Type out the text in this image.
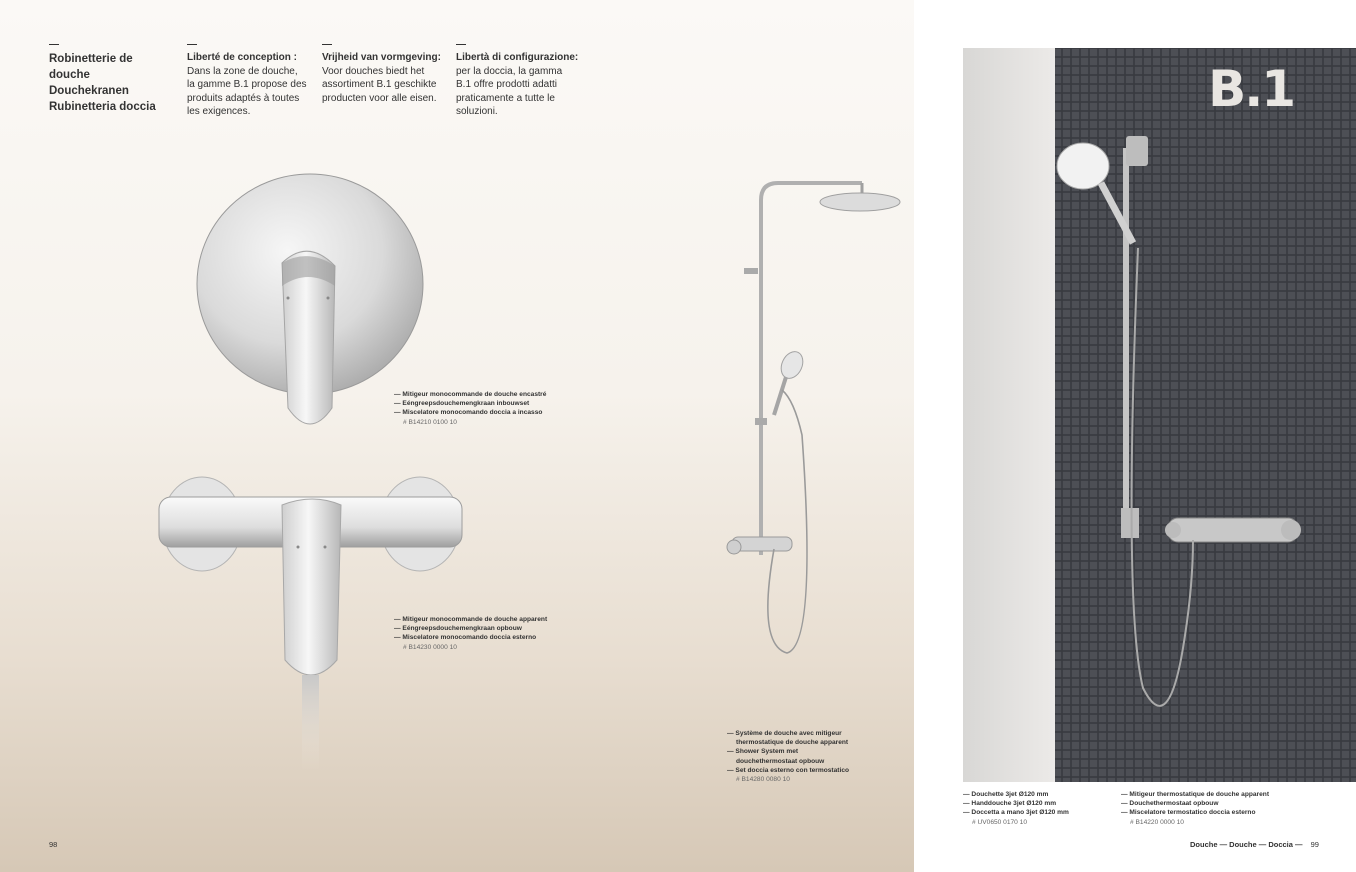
Robinetterie de
douche
Douchekranen
Rubinetteria doccia
Liberté de conception :
Dans la zone de douche,
la gamme B.1 propose des
produits adaptés à toutes
les exigences.
Vrijheid van vormgeving:
Voor douches biedt het
assortiment B.1 geschikte
producten voor alle eisen.
Libertà di configurazione:
per la doccia, la gamma
B.1 offre prodotti adatti
praticamente a tutte le
soluzioni.
— Mitigeur monocommande de douche encastré
— Eéngreepsdouchemengkraan inbouwset
— Miscelatore monocomando doccia a incasso
# B14210 0100 10
— Mitigeur monocommande de douche apparent
— Eéngreepsdouchemengkraan opbouw
— Miscelatore monocomando doccia esterno
# B14230 0000 10
— Système de douche avec mitigeur
thermostatique de douche apparent
— Shower System met
douchethermostaat opbouw
— Set doccia esterno con termostatico
# B14280 0080 10
98
B.1
— Douchette 3jet Ø120 mm
— Handdouche 3jet Ø120 mm
— Doccetta a mano 3jet Ø120 mm
# UV0650 0170 10
— Mitigeur thermostatique de douche apparent
— Douchethermostaat opbouw
— Miscelatore termostatico doccia esterno
# B14220 0000 10
Douche — Douche — Doccia — 99
